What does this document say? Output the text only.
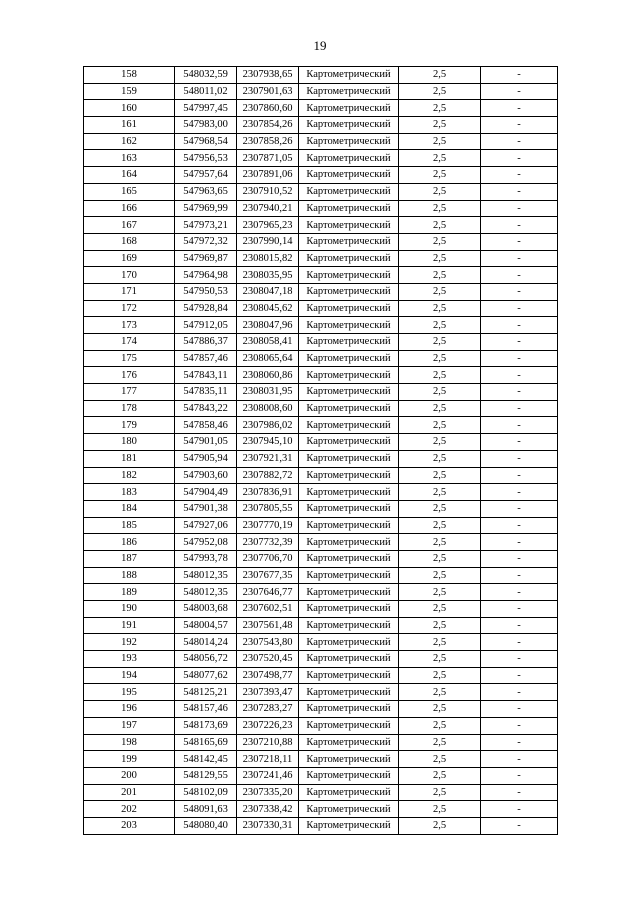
19
158	548032,59	2307938,65	Картометрический	2,5	-
159	548011,02	2307901,63	Картометрический	2,5	-
160	547997,45	2307860,60	Картометрический	2,5	-
161	547983,00	2307854,26	Картометрический	2,5	-
162	547968,54	2307858,26	Картометрический	2,5	-
163	547956,53	2307871,05	Картометрический	2,5	-
164	547957,64	2307891,06	Картометрический	2,5	-
165	547963,65	2307910,52	Картометрический	2,5	-
166	547969,99	2307940,21	Картометрический	2,5	-
167	547973,21	2307965,23	Картометрический	2,5	-
168	547972,32	2307990,14	Картометрический	2,5	-
169	547969,87	2308015,82	Картометрический	2,5	-
170	547964,98	2308035,95	Картометрический	2,5	-
171	547950,53	2308047,18	Картометрический	2,5	-
172	547928,84	2308045,62	Картометрический	2,5	-
173	547912,05	2308047,96	Картометрический	2,5	-
174	547886,37	2308058,41	Картометрический	2,5	-
175	547857,46	2308065,64	Картометрический	2,5	-
176	547843,11	2308060,86	Картометрический	2,5	-
177	547835,11	2308031,95	Картометрический	2,5	-
178	547843,22	2308008,60	Картометрический	2,5	-
179	547858,46	2307986,02	Картометрический	2,5	-
180	547901,05	2307945,10	Картометрический	2,5	-
181	547905,94	2307921,31	Картометрический	2,5	-
182	547903,60	2307882,72	Картометрический	2,5	-
183	547904,49	2307836,91	Картометрический	2,5	-
184	547901,38	2307805,55	Картометрический	2,5	-
185	547927,06	2307770,19	Картометрический	2,5	-
186	547952,08	2307732,39	Картометрический	2,5	-
187	547993,78	2307706,70	Картометрический	2,5	-
188	548012,35	2307677,35	Картометрический	2,5	-
189	548012,35	2307646,77	Картометрический	2,5	-
190	548003,68	2307602,51	Картометрический	2,5	-
191	548004,57	2307561,48	Картометрический	2,5	-
192	548014,24	2307543,80	Картометрический	2,5	-
193	548056,72	2307520,45	Картометрический	2,5	-
194	548077,62	2307498,77	Картометрический	2,5	-
195	548125,21	2307393,47	Картометрический	2,5	-
196	548157,46	2307283,27	Картометрический	2,5	-
197	548173,69	2307226,23	Картометрический	2,5	-
198	548165,69	2307210,88	Картометрический	2,5	-
199	548142,45	2307218,11	Картометрический	2,5	-
200	548129,55	2307241,46	Картометрический	2,5	-
201	548102,09	2307335,20	Картометрический	2,5	-
202	548091,63	2307338,42	Картометрический	2,5	-
203	548080,40	2307330,31	Картометрический	2,5	-
